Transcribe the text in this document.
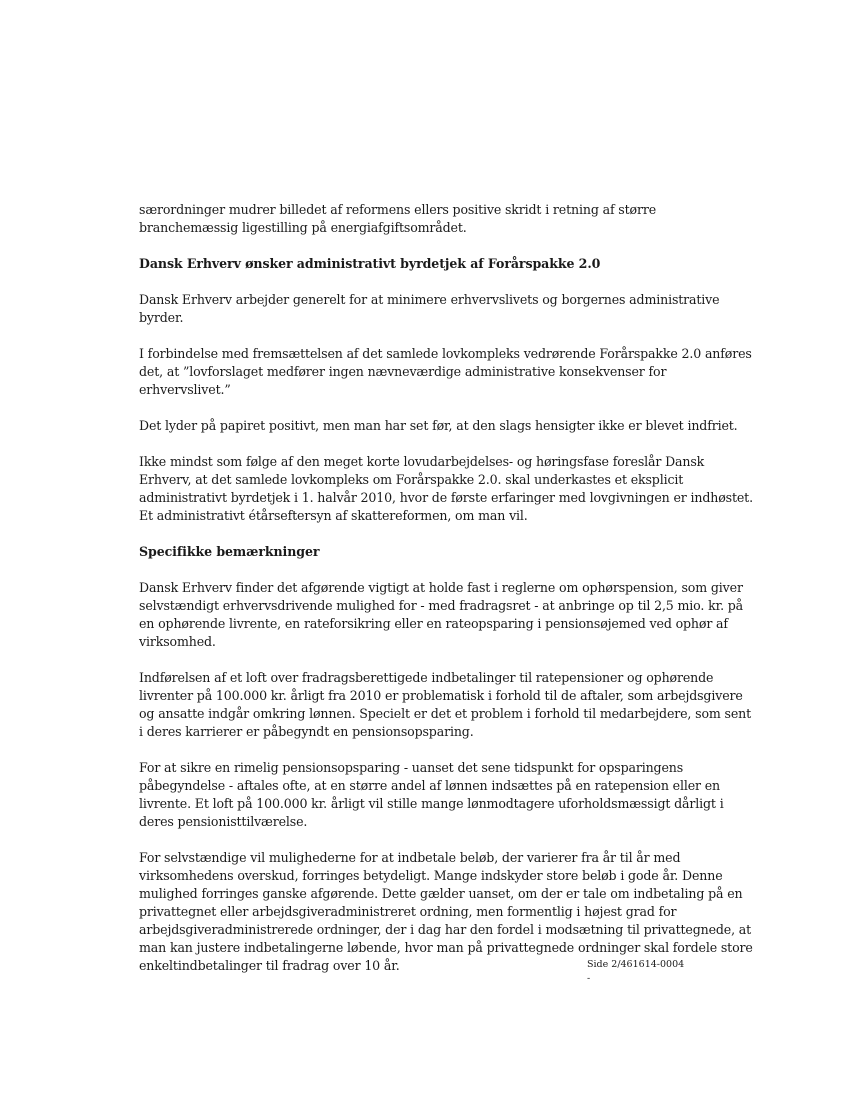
særordninger mudrer billedet af reformens ellers positive skridt i retning af større
branchemæssig ligestilling på energiafgiftsområdet.

Dansk Erhverv ønsker administrativt byrdetjek af Forårspakke 2.0

Dansk Erhverv arbejder generelt for at minimere erhvervslivets og borgernes administrative
byrder.

I forbindelse med fremsættelsen af det samlede lovkompleks vedrørende Forårspakke 2.0 anføres
det, at ”lovforslaget medfører ingen nævneværdige administrative konsekvenser for
erhvervslivet.”

Det lyder på papiret positivt, men man har set før, at den slags hensigter ikke er blevet indfriet.

Ikke mindst som følge af den meget korte lovudarbejdelses- og høringsfase foreslår Dansk
Erhverv, at det samlede lovkompleks om Forårspakke 2.0. skal underkastes et eksplicit
administrativt byrdetjek i 1. halvår 2010, hvor de første erfaringer med lovgivningen er indhøstet.
Et administrativt étårseftersyn af skattereformen, om man vil.

Specifikke bemærkninger

Dansk Erhverv finder det afgørende vigtigt at holde fast i reglerne om ophørspension, som giver
selvstændigt erhvervsdrivende mulighed for - med fradragsret - at anbringe op til 2,5 mio. kr. på
en ophørende livrente, en rateforsikring eller en rateopsparing i pensionsøjemed ved ophør af
virksomhed.

Indførelsen af et loft over fradragsberettigede indbetalinger til ratepensioner og ophørende
livrenter på 100.000 kr. årligt fra 2010 er problematisk i forhold til de aftaler, som arbejdsgivere
og ansatte indgår omkring lønnen. Specielt er det et problem i forhold til medarbejdere, som sent
i deres karrierer er påbegyndt en pensionsopsparing.

For at sikre en rimelig pensionsopsparing - uanset det sene tidspunkt for opsparingens
påbegyndelse - aftales ofte, at en større andel af lønnen indsættes på en ratepension eller en
livrente. Et loft på 100.000 kr. årligt vil stille mange lønmodtagere uforholdsmæssigt dårligt i
deres pensionisttilværelse.

For selvstændige vil mulighederne for at indbetale beløb, der varierer fra år til år med
virksomhedens overskud, forringes betydeligt. Mange indskyder store beløb i gode år. Denne
mulighed forringes ganske afgørende. Dette gælder uanset, om der er tale om indbetaling på en
privattegnet eller arbejdsgiveradministreret ordning, men formentlig i højest grad for
arbejdsgiveradministrerede ordninger, der i dag har den fordel i modsætning til privattegnede, at
man kan justere indbetalingerne løbende, hvor man på privattegnede ordninger skal fordele store
enkeltindbetalinger til fradrag over 10 år.	Side 2/461614-0004
-
